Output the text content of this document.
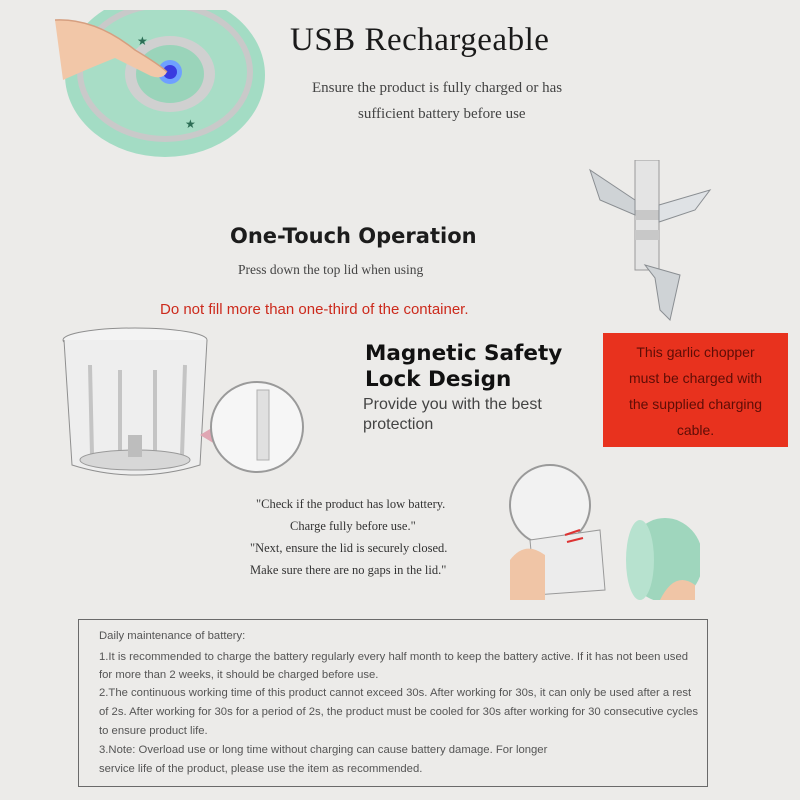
★
★
USB Rechargeable
Ensure the product is fully charged or has
sufficient battery before use
One-Touch Operation
Press down the top lid when using
Do not fill more than one-third of the container.
Magnetic Safety
Lock Design
Provide you with the best
protection
This garlic chopper
must be charged with
the supplied charging
cable.
"Check if the product has low battery.
Charge fully before use."
"Next, ensure the lid is securely closed.
Make sure there are no gaps in the lid."
Daily maintenance of battery:
1.It is recommended to charge the battery regularly every half month to keep the battery active. If it has not been used
for more than 2 weeks, it should be charged before use.
2.The continuous working time of this product cannot exceed 30s. After working for 30s, it can only be used after a rest
of 2s. After working for 30s for a period of 2s, the product must be cooled for 30s after working for 30 consecutive cycles
to ensure product life.
3.Note: Overload use or long time without charging can cause battery damage. For longer
service life of the product, please use the item as recommended.
